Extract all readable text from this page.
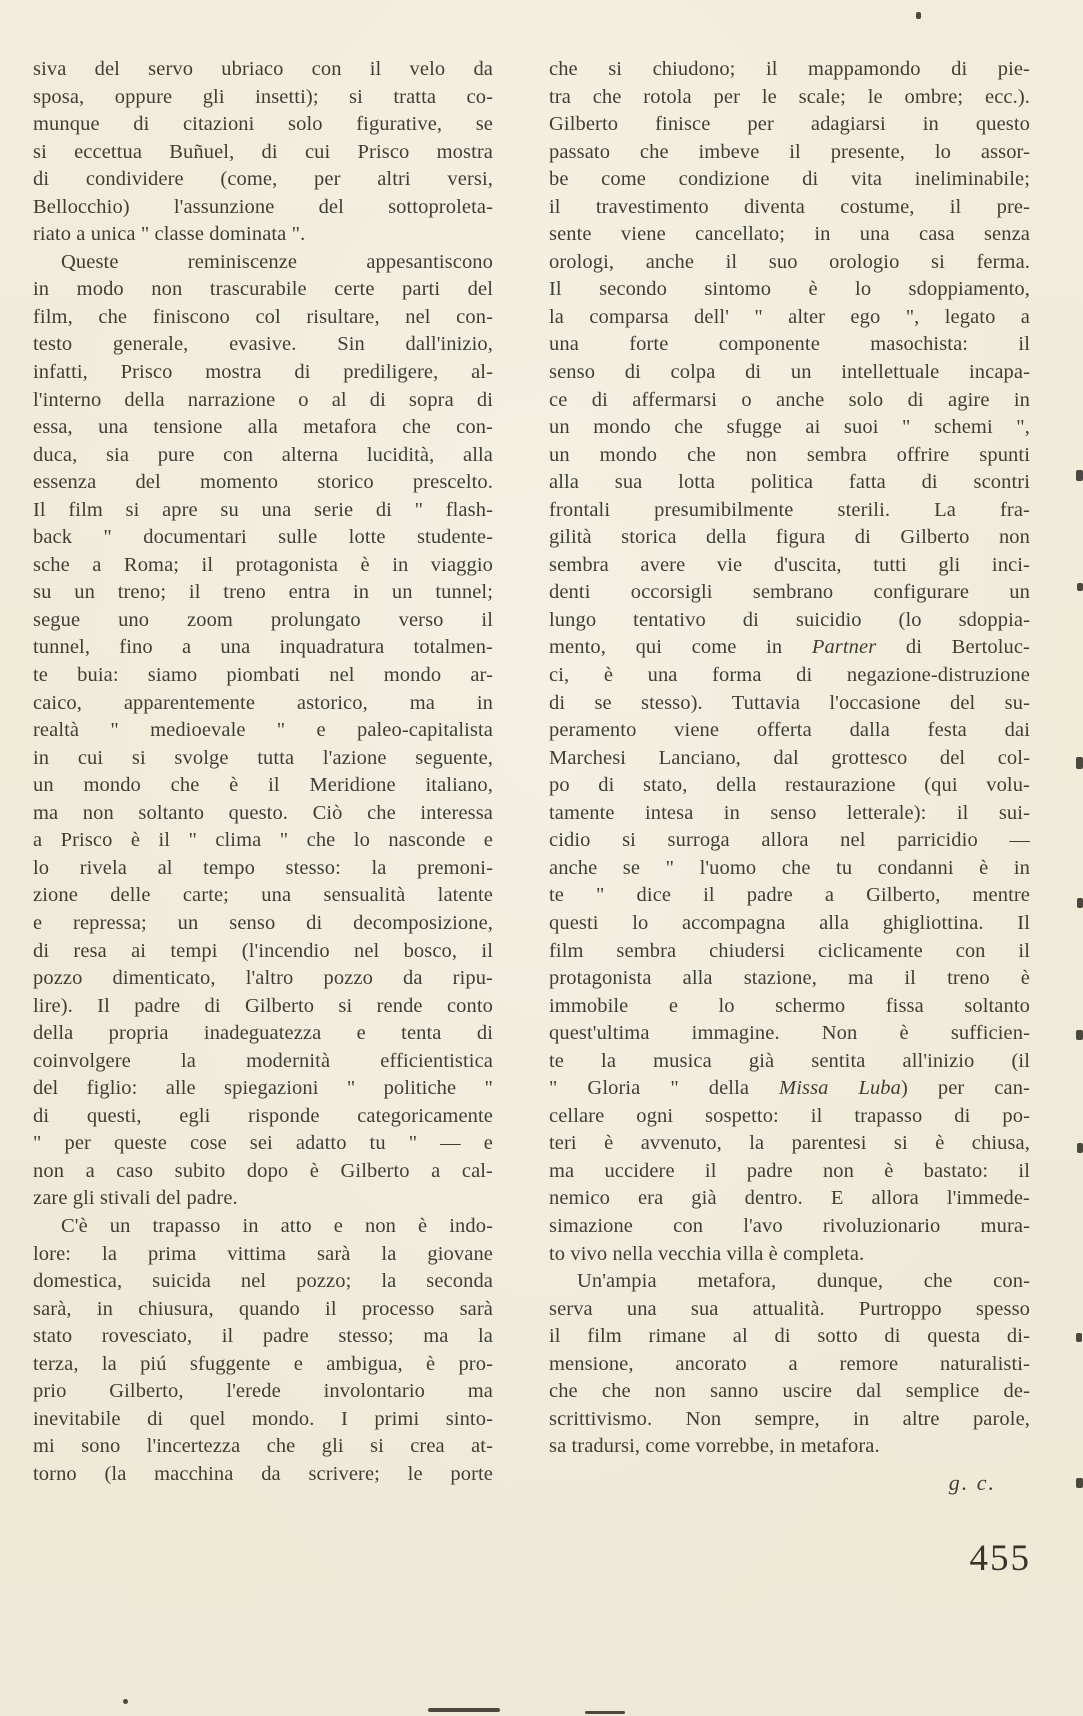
siva del servo ubriaco con il velo da
sposa, oppure gli insetti); si tratta co-
munque di citazioni solo figurative, se
si eccettua Buñuel, di cui Prisco mostra
di condividere (come, per altri versi,
Bellocchio) l'assunzione del sottoproleta-
riato a unica " classe dominata ".
Queste reminiscenze appesantiscono
in modo non trascurabile certe parti del
film, che finiscono col risultare, nel con-
testo generale, evasive. Sin dall'inizio,
infatti, Prisco mostra di prediligere, al-
l'interno della narrazione o al di sopra di
essa, una tensione alla metafora che con-
duca, sia pure con alterna lucidità, alla
essenza del momento storico prescelto.
Il film si apre su una serie di " flash-
back " documentari sulle lotte studente-
sche a Roma; il protagonista è in viaggio
su un treno; il treno entra in un tunnel;
segue uno zoom prolungato verso il
tunnel, fino a una inquadratura totalmen-
te buia: siamo piombati nel mondo ar-
caico, apparentemente astorico, ma in
realtà " medioevale " e paleo-capitalista
in cui si svolge tutta l'azione seguente,
un mondo che è il Meridione italiano,
ma non soltanto questo. Ciò che interessa
a Prisco è il " clima " che lo nasconde e
lo rivela al tempo stesso: la premoni-
zione delle carte; una sensualità latente
e repressa; un senso di decomposizione,
di resa ai tempi (l'incendio nel bosco, il
pozzo dimenticato, l'altro pozzo da ripu-
lire). Il padre di Gilberto si rende conto
della propria inadeguatezza e tenta di
coinvolgere la modernità efficientistica
del figlio: alle spiegazioni " politiche "
di questi, egli risponde categoricamente
" per queste cose sei adatto tu " — e
non a caso subito dopo è Gilberto a cal-
zare gli stivali del padre.
C'è un trapasso in atto e non è indo-
lore: la prima vittima sarà la giovane
domestica, suicida nel pozzo; la seconda
sarà, in chiusura, quando il processo sarà
stato rovesciato, il padre stesso; ma la
terza, la piú sfuggente e ambigua, è pro-
prio Gilberto, l'erede involontario ma
inevitabile di quel mondo. I primi sinto-
mi sono l'incertezza che gli si crea at-
torno (la macchina da scrivere; le porte
che si chiudono; il mappamondo di pie-
tra che rotola per le scale; le ombre; ecc.).
Gilberto finisce per adagiarsi in questo
passato che imbeve il presente, lo assor-
be come condizione di vita ineliminabile;
il travestimento diventa costume, il pre-
sente viene cancellato; in una casa senza
orologi, anche il suo orologio si ferma.
Il secondo sintomo è lo sdoppiamento,
la comparsa dell' " alter ego ", legato a
una forte componente masochista: il
senso di colpa di un intellettuale incapa-
ce di affermarsi o anche solo di agire in
un mondo che sfugge ai suoi " schemi ",
un mondo che non sembra offrire spunti
alla sua lotta politica fatta di scontri
frontali presumibilmente sterili. La fra-
gilità storica della figura di Gilberto non
sembra avere vie d'uscita, tutti gli inci-
denti occorsigli sembrano configurare un
lungo tentativo di suicidio (lo sdoppia-
mento, qui come in Partner di Bertoluc-
ci, è una forma di negazione-distruzione
di se stesso). Tuttavia l'occasione del su-
peramento viene offerta dalla festa dai
Marchesi Lanciano, dal grottesco del col-
po di stato, della restaurazione (qui volu-
tamente intesa in senso letterale): il sui-
cidio si surroga allora nel parricidio —
anche se " l'uomo che tu condanni è in
te " dice il padre a Gilberto, mentre
questi lo accompagna alla ghigliottina. Il
film sembra chiudersi ciclicamente con il
protagonista alla stazione, ma il treno è
immobile e lo schermo fissa soltanto
quest'ultima immagine. Non è sufficien-
te la musica già sentita all'inizio (il
" Gloria " della Missa Luba) per can-
cellare ogni sospetto: il trapasso di po-
teri è avvenuto, la parentesi si è chiusa,
ma uccidere il padre non è bastato: il
nemico era già dentro. E allora l'immede-
simazione con l'avo rivoluzionario mura-
to vivo nella vecchia villa è completa.
Un'ampia metafora, dunque, che con-
serva una sua attualità. Purtroppo spesso
il film rimane al di sotto di questa di-
mensione, ancorato a remore naturalisti-
che che non sanno uscire dal semplice de-
scrittivismo. Non sempre, in altre parole,
sa tradursi, come vorrebbe, in metafora.
g. c.
455
